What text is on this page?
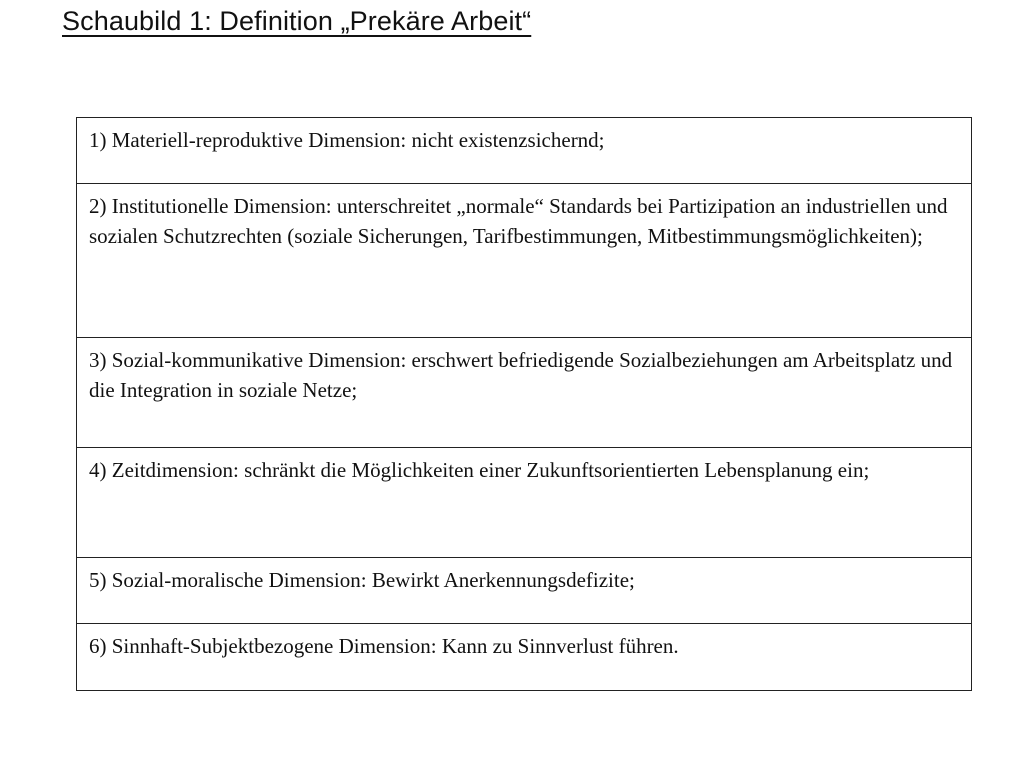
Schaubild 1: Definition „Prekäre Arbeit“
1) Materiell-reproduktive Dimension: nicht existenzsichernd;
2) Institutionelle Dimension: unterschreitet „normale“ Standards bei Partizipation an industriellen und sozialen Schutzrechten (soziale Sicherungen, Tarifbestimmungen, Mitbestimmungsmöglichkeiten);
3) Sozial-kommunikative Dimension: erschwert befriedigende Sozialbeziehungen am Arbeitsplatz und die Integration in soziale Netze;
4) Zeitdimension: schränkt die Möglichkeiten einer Zukunftsorientierten Lebensplanung ein;
5) Sozial-moralische Dimension: Bewirkt Anerkennungsdefizite;
6) Sinnhaft-Subjektbezogene Dimension: Kann zu Sinnverlust führen.
